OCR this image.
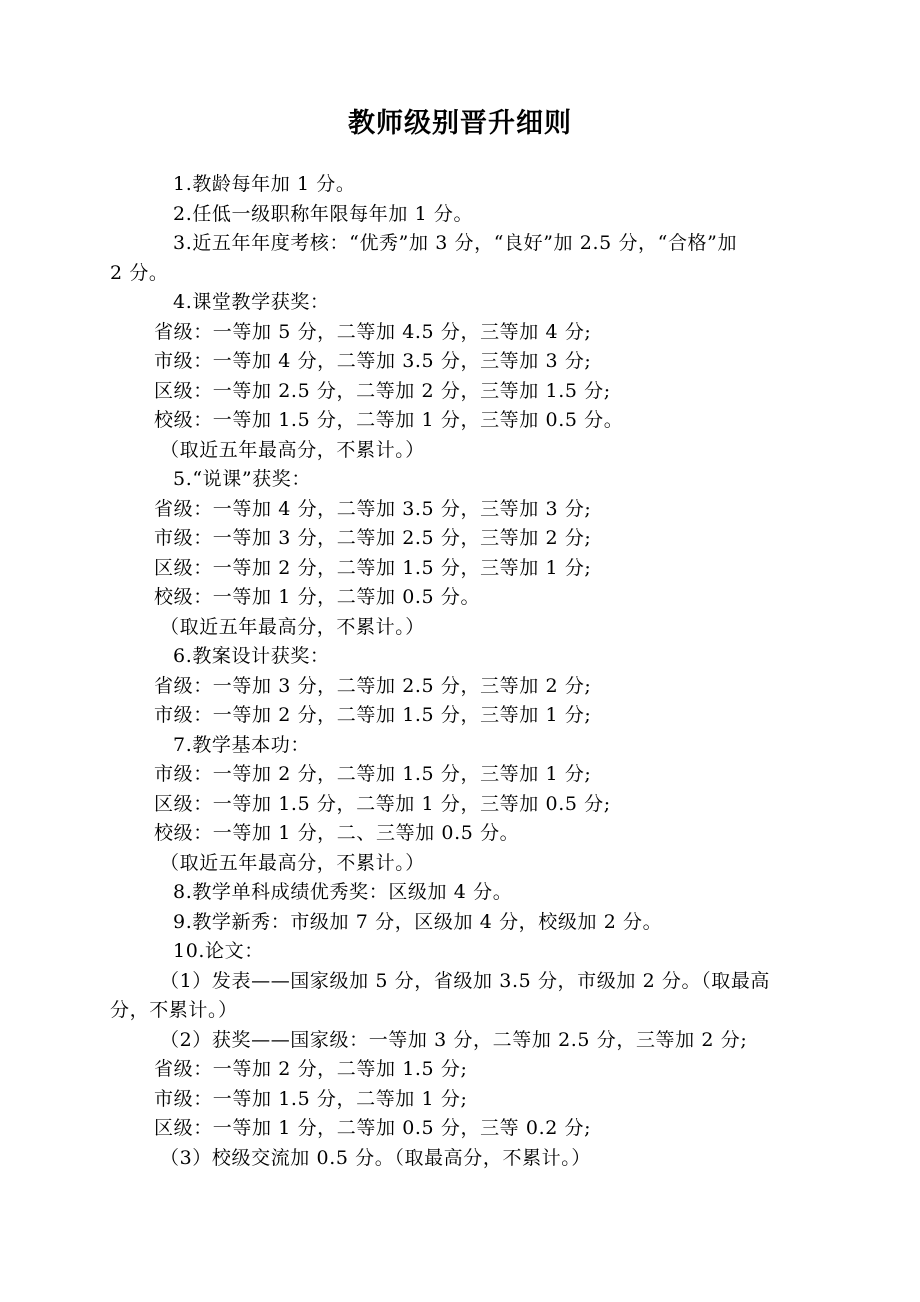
教师级别晋升细则
1.教龄每年加 1 分。
2.任低一级职称年限每年加 1 分。
3.近五年年度考核：“优秀”加 3 分，“良好”加 2.5 分，“合格”加
2 分。
4.课堂教学获奖：
省级：一等加 5 分，二等加 4.5 分，三等加 4 分;
市级：一等加 4 分，二等加 3.5 分，三等加 3 分;
区级：一等加 2.5 分，二等加 2 分，三等加 1.5 分;
校级：一等加 1.5 分，二等加 1 分，三等加 0.5 分。
（取近五年最高分，不累计。）
5.“说课”获奖：
省级：一等加 4 分，二等加 3.5 分，三等加 3 分;
市级：一等加 3 分，二等加 2.5 分，三等加 2 分;
区级：一等加 2 分，二等加 1.5 分，三等加 1 分;
校级：一等加 1 分，二等加 0.5 分。
（取近五年最高分，不累计。）
6.教案设计获奖：
省级：一等加 3 分，二等加 2.5 分，三等加 2 分;
市级：一等加 2 分，二等加 1.5 分，三等加 1 分;
7.教学基本功：
市级：一等加 2 分，二等加 1.5 分，三等加 1 分;
区级：一等加 1.5 分，二等加 1 分，三等加 0.5 分;
校级：一等加 1 分，二、三等加 0.5 分。
（取近五年最高分，不累计。）
8.教学单科成绩优秀奖：区级加 4 分。
9.教学新秀：市级加 7 分，区级加 4 分，校级加 2 分。
10.论文：
（1）发表——国家级加 5 分，省级加 3.5 分，市级加 2 分。（取最高
分，不累计。）
（2）获奖——国家级：一等加 3 分，二等加 2.5 分，三等加 2 分;
省级：一等加 2 分，二等加 1.5 分;
市级：一等加 1.5 分，二等加 1 分;
区级：一等加 1 分，二等加 0.5 分，三等 0.2 分;
（3）校级交流加 0.5 分。（取最高分，不累计。）
